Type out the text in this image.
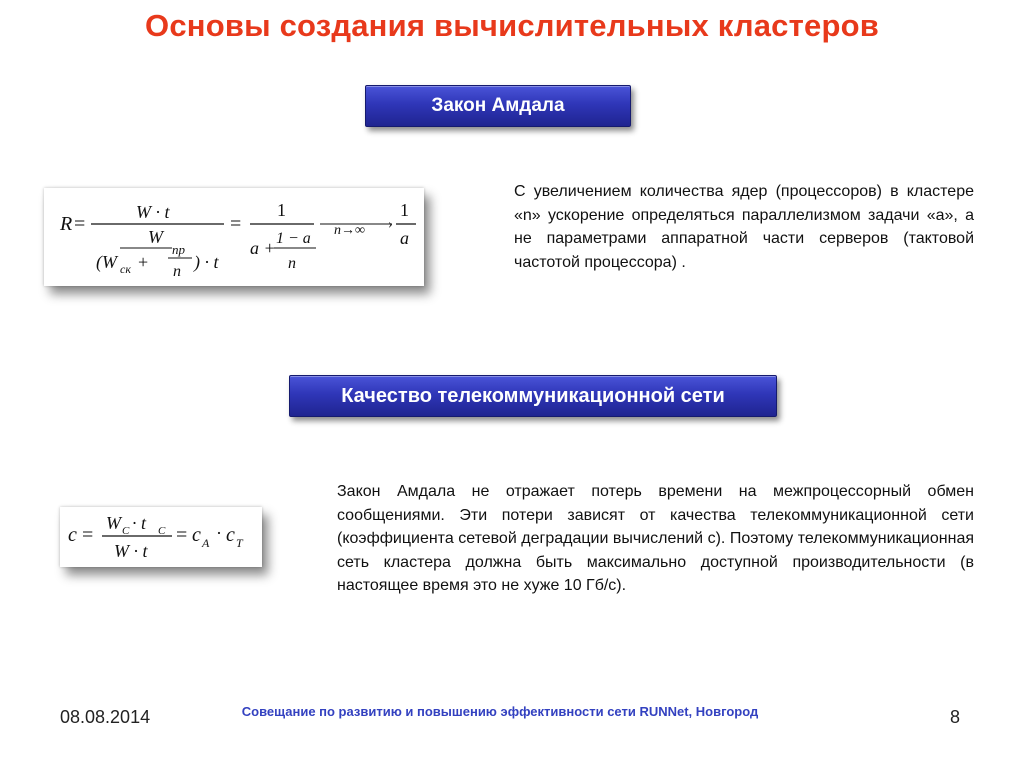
Основы создания вычислительных кластеров
Закон Амдала
R =
W · t
W
(W ск +
np
n ) · t
=
1
a + 1 − a
n
n→∞ ›
1
a
С увеличением количества ядер (процессоров) в кластере «n» ускорение определяться параллелизмом задачи «a», а не параметрами аппаратной части серверов (тактовой частотой процессора) .
Качество телекоммуникационной сети
c =
W C · t C
W · t
= c A · c T
Закон Амдала не отражает потерь времени на межпроцессорный обмен сообщениями. Эти потери зависят от качества телекоммуникационной сети (коэффициента сетевой деградации вычислений c). Поэтому телекоммуникационная сеть кластера должна быть максимально доступной производительности (в настоящее время это не хуже 10 Гб/с).
08.08.2014	Совещание по развитию и повышению эффективности сети RUNNet, Новгород	8
